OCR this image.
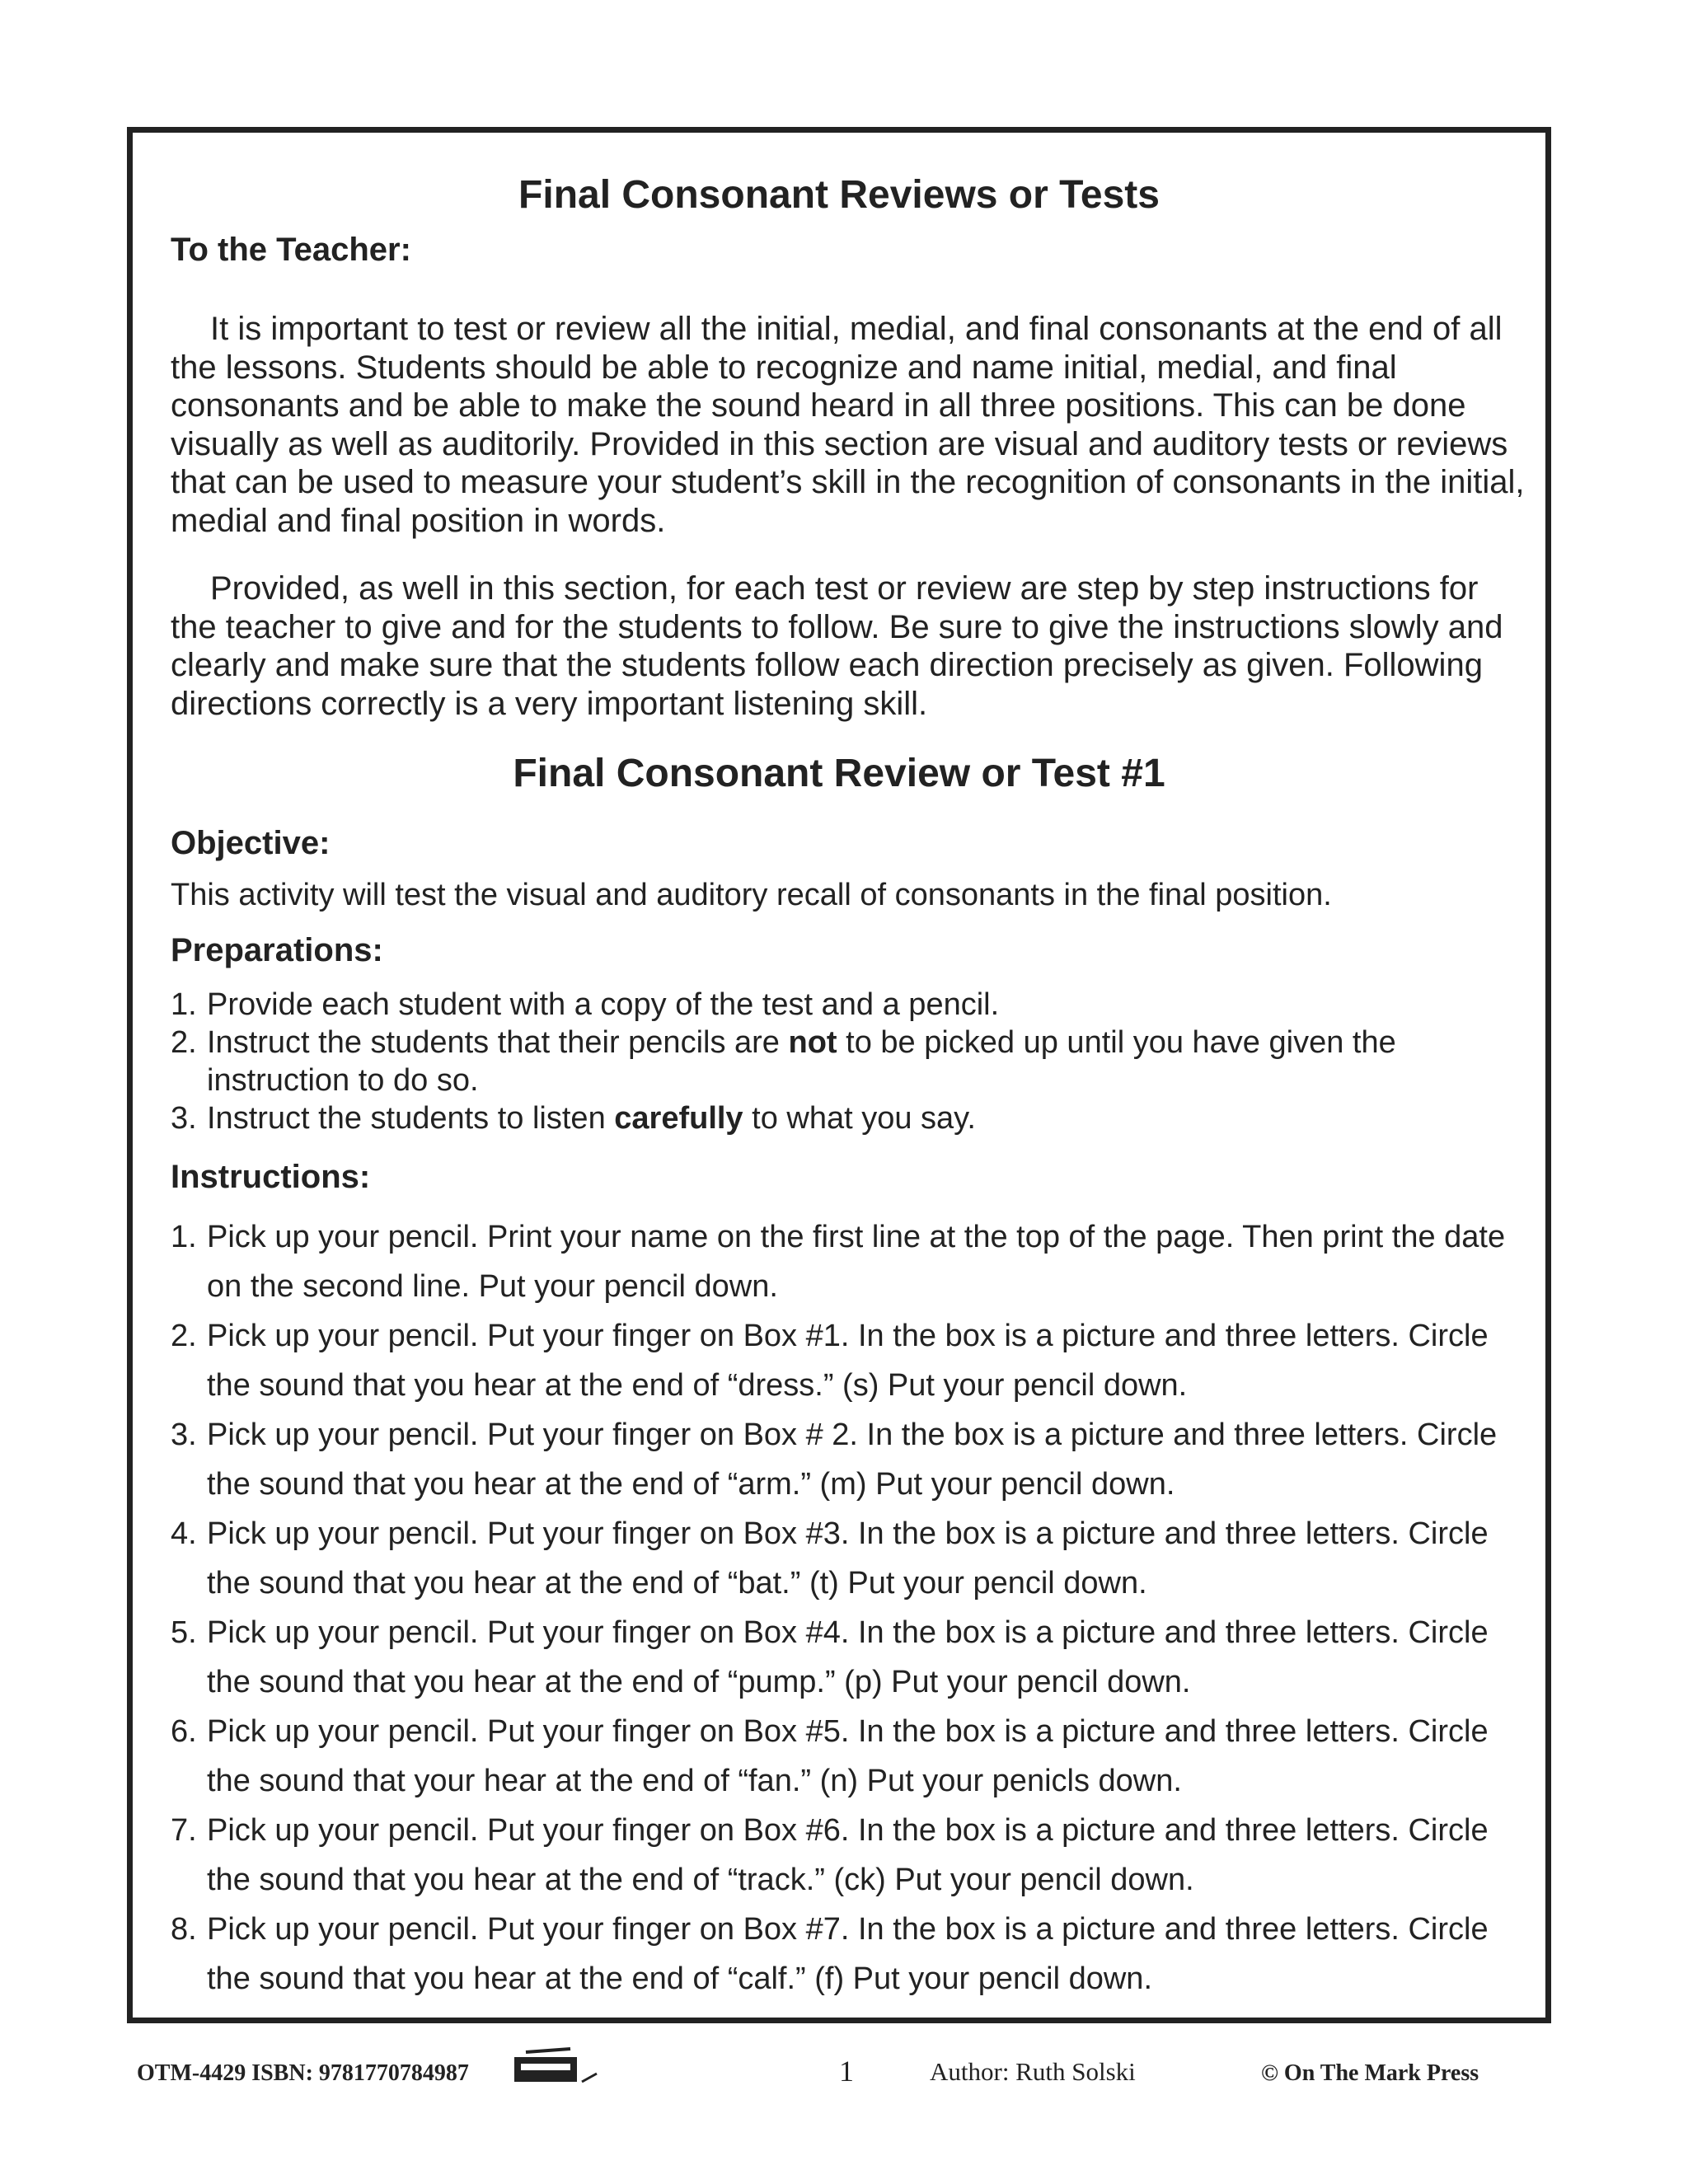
Final Consonant Reviews or Tests
To the Teacher:

It is important to test or review all the initial, medial, and final consonants at the end of all the lessons. Students should be able to recognize and name initial, medial, and final consonants and be able to make the sound heard in all three positions. This can be done visually as well as auditorily. Provided in this section are visual and auditory tests or reviews that can be used to measure your student’s skill in the recognition of consonants in the initial, medial and final position in words.

Provided, as well in this section, for each test or review are step by step instructions for the teacher to give and for the students to follow. Be sure to give the instructions slowly and clearly and make sure that the students follow each direction precisely as given. Following directions correctly is a very important listening skill.

Final Consonant Review or Test #1
Objective:

This activity will test the visual and auditory recall of consonants in the final position.

Preparations:
1. Provide each student with a copy of the test and a pencil.
2. Instruct the students that their pencils are not to be picked up until you have given the instruction to do so.
3. Instruct the students to listen carefully to what you say.
Instructions:
1. Pick up your pencil. Print your name on the first line at the top of the page. Then print the date on the second line. Put your pencil down.
2. Pick up your pencil. Put your finger on Box #1. In the box is a picture and three letters. Circle the sound that you hear at the end of “dress.” (s) Put your pencil down.
3. Pick up your pencil. Put your finger on Box # 2. In the box is a picture and three letters. Circle the sound that you hear at the end of “arm.” (m) Put your pencil down.
4. Pick up your pencil. Put your finger on Box #3. In the box is a picture and three letters. Circle the sound that you hear at the end of “bat.” (t) Put your pencil down.
5. Pick up your pencil. Put your finger on Box #4. In the box is a picture and three letters. Circle the sound that you hear at the end of “pump.” (p) Put your pencil down.
6. Pick up your pencil. Put your finger on Box #5. In the box is a picture and three letters. Circle the sound that your hear at the end of “fan.” (n) Put your penicls down.
7. Pick up your pencil. Put your finger on Box #6. In the box is a picture and three letters. Circle the sound that you hear at the end of “track.” (ck) Put your pencil down.
8. Pick up your pencil. Put your finger on Box #7. In the box is a picture and three letters. Circle the sound that you hear at the end of “calf.” (f) Put your pencil down.
OTM-4429 ISBN: 9781770784987	1	Author: Ruth Solski	© On The Mark Press
